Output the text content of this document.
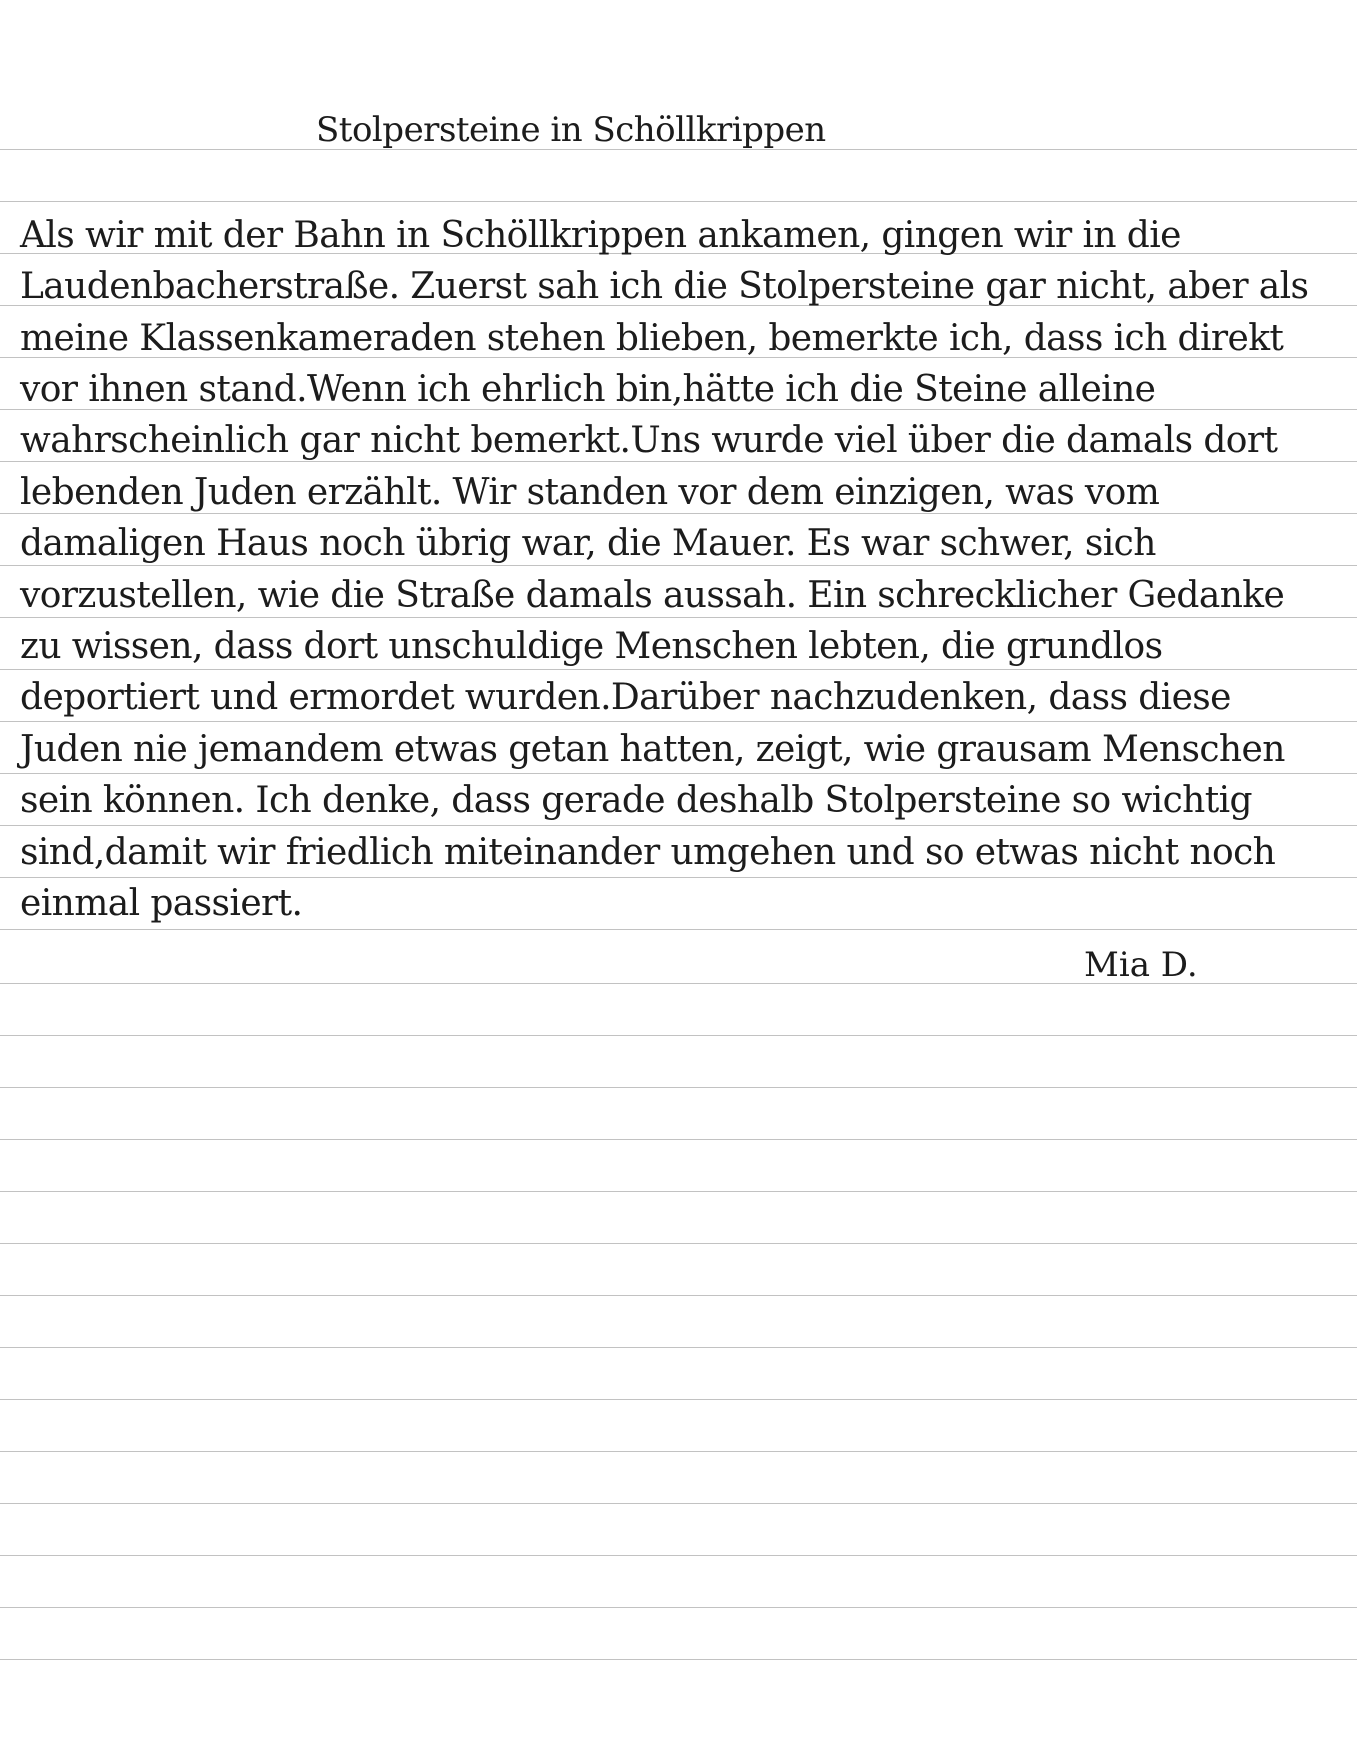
Stolpersteine in Schöllkrippen
Als wir mit der Bahn in Schöllkrippen ankamen, gingen wir in die
Laudenbacherstraße. Zuerst sah ich die Stolpersteine gar nicht, aber als
meine Klassenkameraden stehen blieben, bemerkte ich, dass ich direkt
vor ihnen stand.Wenn ich ehrlich bin,hätte ich die Steine alleine
wahrscheinlich gar nicht bemerkt.Uns wurde viel über die damals dort
lebenden Juden erzählt. Wir standen vor dem einzigen, was vom
damaligen Haus noch übrig war, die Mauer. Es war schwer, sich
vorzustellen, wie die Straße damals aussah. Ein schrecklicher Gedanke
zu wissen, dass dort unschuldige Menschen lebten, die grundlos
deportiert und ermordet wurden.Darüber nachzudenken, dass diese
Juden nie jemandem etwas getan hatten, zeigt, wie grausam Menschen
sein können. Ich denke, dass gerade deshalb Stolpersteine so wichtig
sind,damit wir friedlich miteinander umgehen und so etwas nicht noch
einmal passiert.
Mia D.
